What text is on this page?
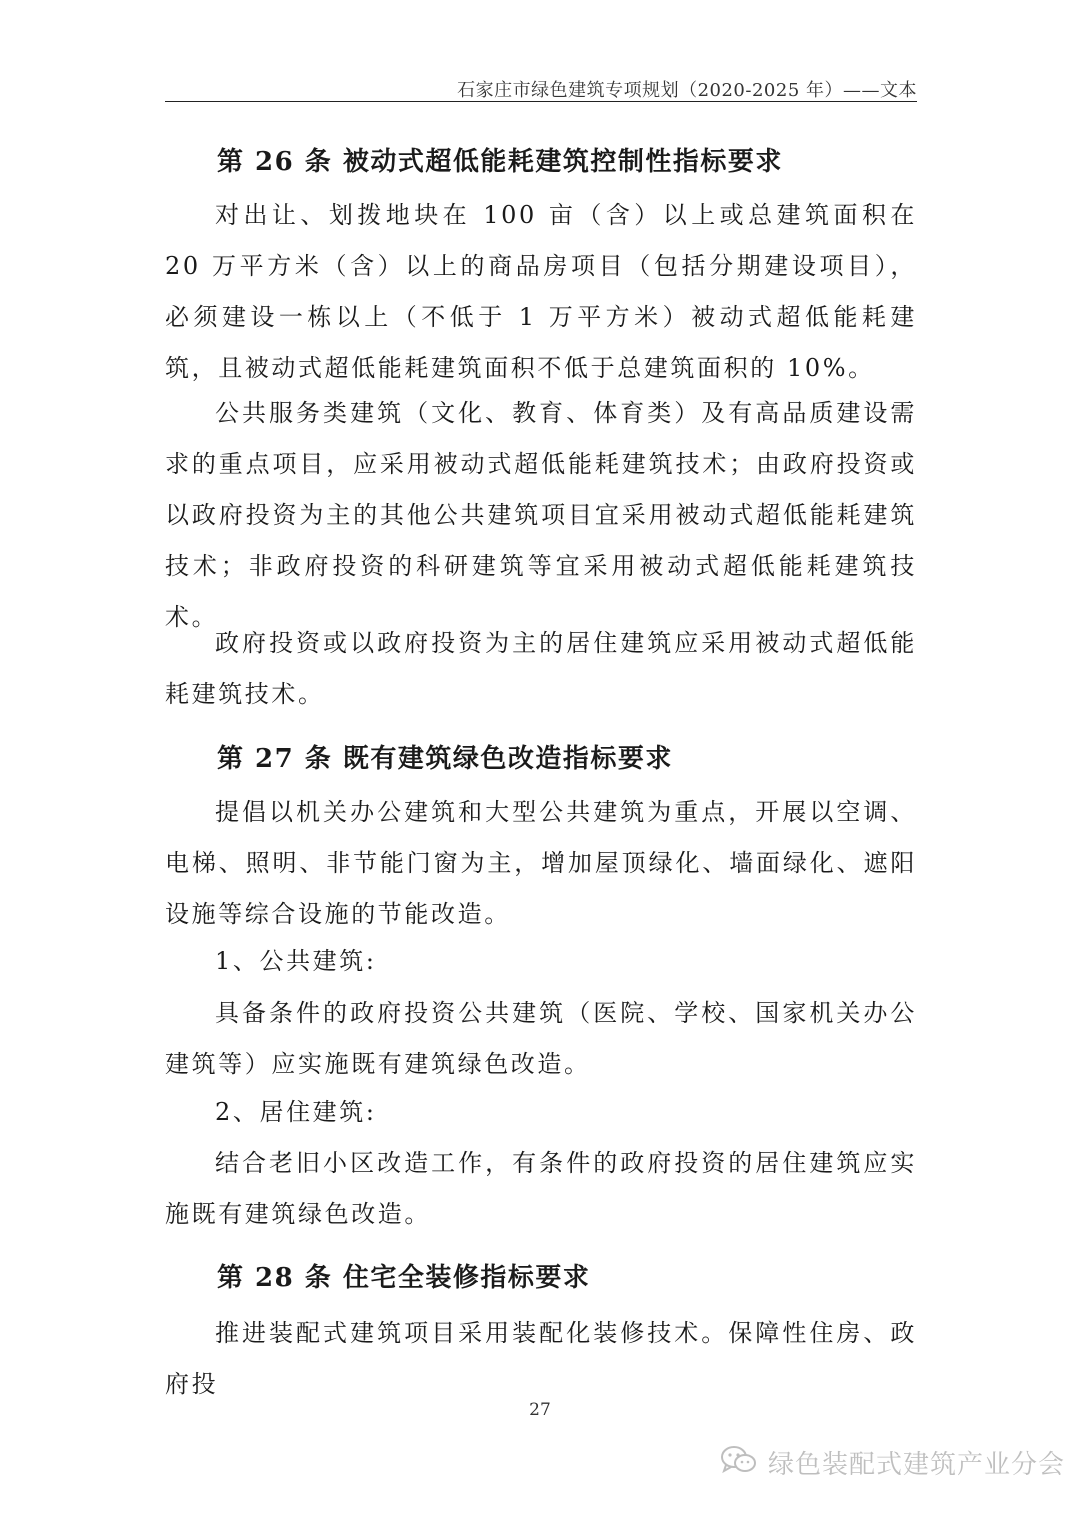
石家庄市绿色建筑专项规划（2020-2025 年）——文本
第 26 条 被动式超低能耗建筑控制性指标要求

对出让、划拨地块在 100 亩（含）以上或总建筑面积在 20 万平方米（含）以上的商品房项目（包括分期建设项目），必须建设一栋以上（不低于 1 万平方米）被动式超低能耗建筑，且被动式超低能耗建筑面积不低于总建筑面积的 10%。

公共服务类建筑（文化、教育、体育类）及有高品质建设需求的重点项目，应采用被动式超低能耗建筑技术；由政府投资或以政府投资为主的其他公共建筑项目宜采用被动式超低能耗建筑技术；非政府投资的科研建筑等宜采用被动式超低能耗建筑技术。

政府投资或以政府投资为主的居住建筑应采用被动式超低能耗建筑技术。

第 27 条 既有建筑绿色改造指标要求

提倡以机关办公建筑和大型公共建筑为重点，开展以空调、电梯、照明、非节能门窗为主，增加屋顶绿化、墙面绿化、遮阳设施等综合设施的节能改造。

1、公共建筑:

具备条件的政府投资公共建筑（医院、学校、国家机关办公建筑等）应实施既有建筑绿色改造。

2、居住建筑:

结合老旧小区改造工作，有条件的政府投资的居住建筑应实施既有建筑绿色改造。

第 28 条 住宅全装修指标要求

推进装配式建筑项目采用装配化装修技术。保障性住房、政府投

27
绿色装配式建筑产业分会
